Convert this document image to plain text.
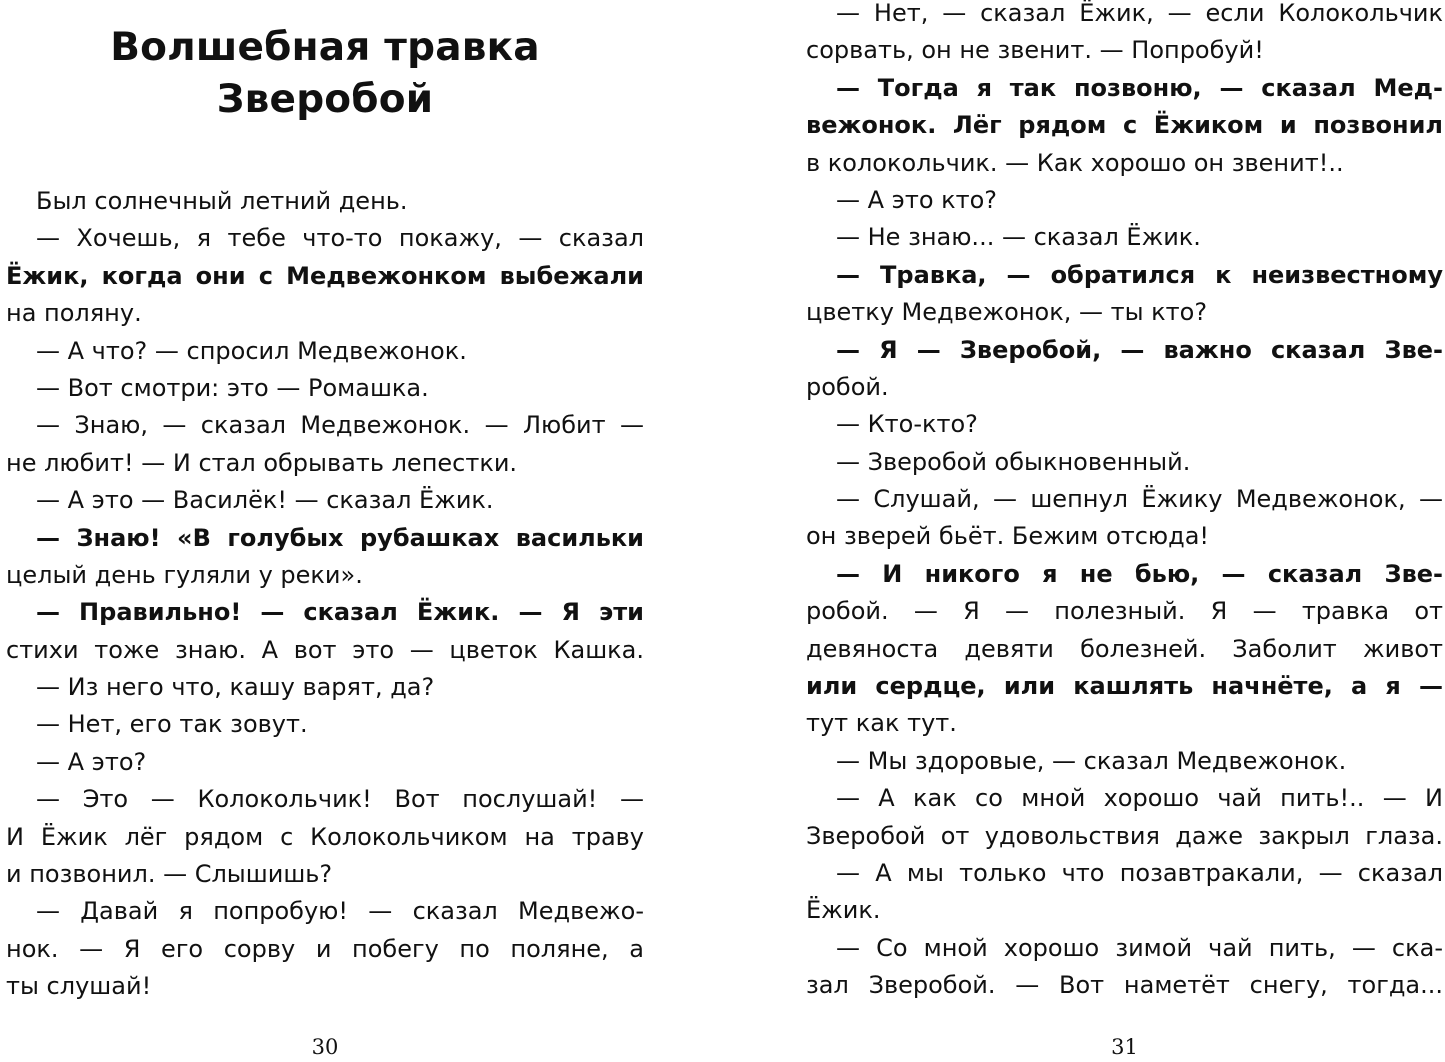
Волшебная травка
Зверобой
Был солнечный летний день.
— Хочешь, я тебе что-то покажу, — сказал
Ёжик, когда они с Медвежонком выбежали
на поляну.
— А что? — спросил Медвежонок.
— Вот смотри: это — Ромашка.
— Знаю, — сказал Медвежонок. — Любит —
не любит! — И стал обрывать лепестки.
— А это — Василёк! — сказал Ёжик.
— Знаю! «В голубых рубашках васильки
целый день гуляли у реки».
— Правильно! — сказал Ёжик. — Я эти
стихи тоже знаю. А вот это — цветок Кашка.
— Из него что, кашу варят, да?
— Нет, его так зовут.
— А это?
— Это — Колокольчик! Вот послушай! —
И Ёжик лёг рядом с Колокольчиком на траву
и позвонил. — Слышишь?
— Давай я попробую! — сказал Медвежо-
нок. — Я его сорву и побегу по поляне, а
ты слушай!
30
— Нет, — сказал Ёжик, — если Колокольчик
сорвать, он не звенит. — Попробуй!
— Тогда я так позвоню, — сказал Мед-
вежонок. Лёг рядом с Ёжиком и позвонил
в колокольчик. — Как хорошо он звенит!..
— А это кто?
— Не знаю... — сказал Ёжик.
— Травка, — обратился к неизвестному
цветку Медвежонок, — ты кто?
— Я — Зверобой, — важно сказал Зве-
робой.
— Кто-кто?
— Зверобой обыкновенный.
— Слушай, — шепнул Ёжику Медвежонок, —
он зверей бьёт. Бежим отсюда!
— И никого я не бью, — сказал Зве-
робой. — Я — полезный. Я — травка от
девяноста девяти болезней. Заболит живот
или сердце, или кашлять начнёте, а я —
тут как тут.
— Мы здоровые, — сказал Медвежонок.
— А как со мной хорошо чай пить!.. — И
Зверобой от удовольствия даже закрыл глаза.
— А мы только что позавтракали, — сказал
Ёжик.
— Со мной хорошо зимой чай пить, — ска-
зал Зверобой. — Вот наметёт снегу, тогда...
31
